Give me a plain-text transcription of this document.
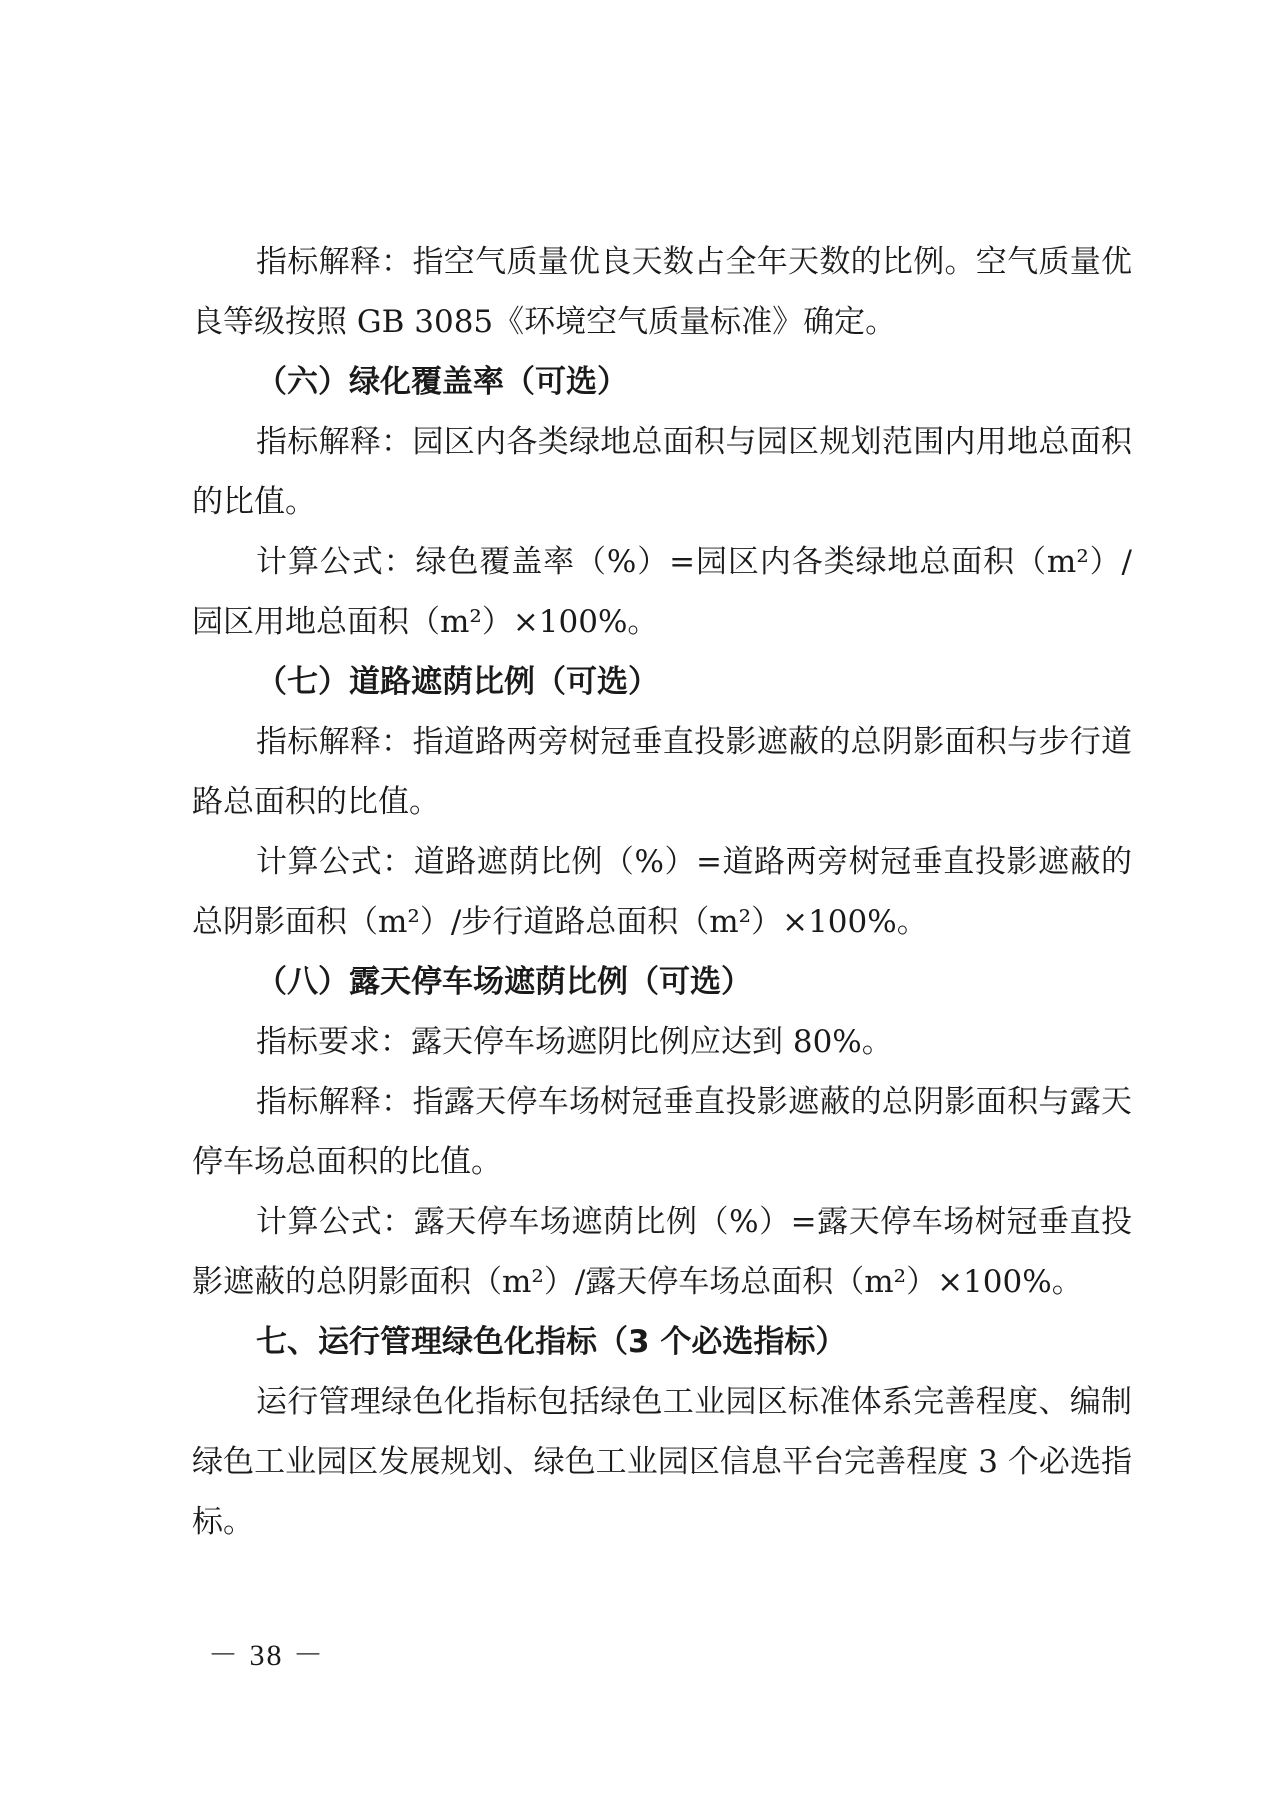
指标解释：指空气质量优良天数占全年天数的比例。空气质量优良等级按照 GB 3085《环境空气质量标准》确定。

（六）绿化覆盖率（可选）

指标解释：园区内各类绿地总面积与园区规划范围内用地总面积的比值。

计算公式：绿色覆盖率（%）=园区内各类绿地总面积（m²）/园区用地总面积（m²）×100%。

（七）道路遮荫比例（可选）

指标解释：指道路两旁树冠垂直投影遮蔽的总阴影面积与步行道路总面积的比值。

计算公式：道路遮荫比例（%）=道路两旁树冠垂直投影遮蔽的总阴影面积（m²）/步行道路总面积（m²）×100%。

（八）露天停车场遮荫比例（可选）

指标要求：露天停车场遮阴比例应达到 80%。

指标解释：指露天停车场树冠垂直投影遮蔽的总阴影面积与露天停车场总面积的比值。

计算公式：露天停车场遮荫比例（%）=露天停车场树冠垂直投影遮蔽的总阴影面积（m²）/露天停车场总面积（m²）×100%。

七、运行管理绿色化指标（3 个必选指标）

运行管理绿色化指标包括绿色工业园区标准体系完善程度、编制绿色工业园区发展规划、绿色工业园区信息平台完善程度 3 个必选指标。

－ 38 －
